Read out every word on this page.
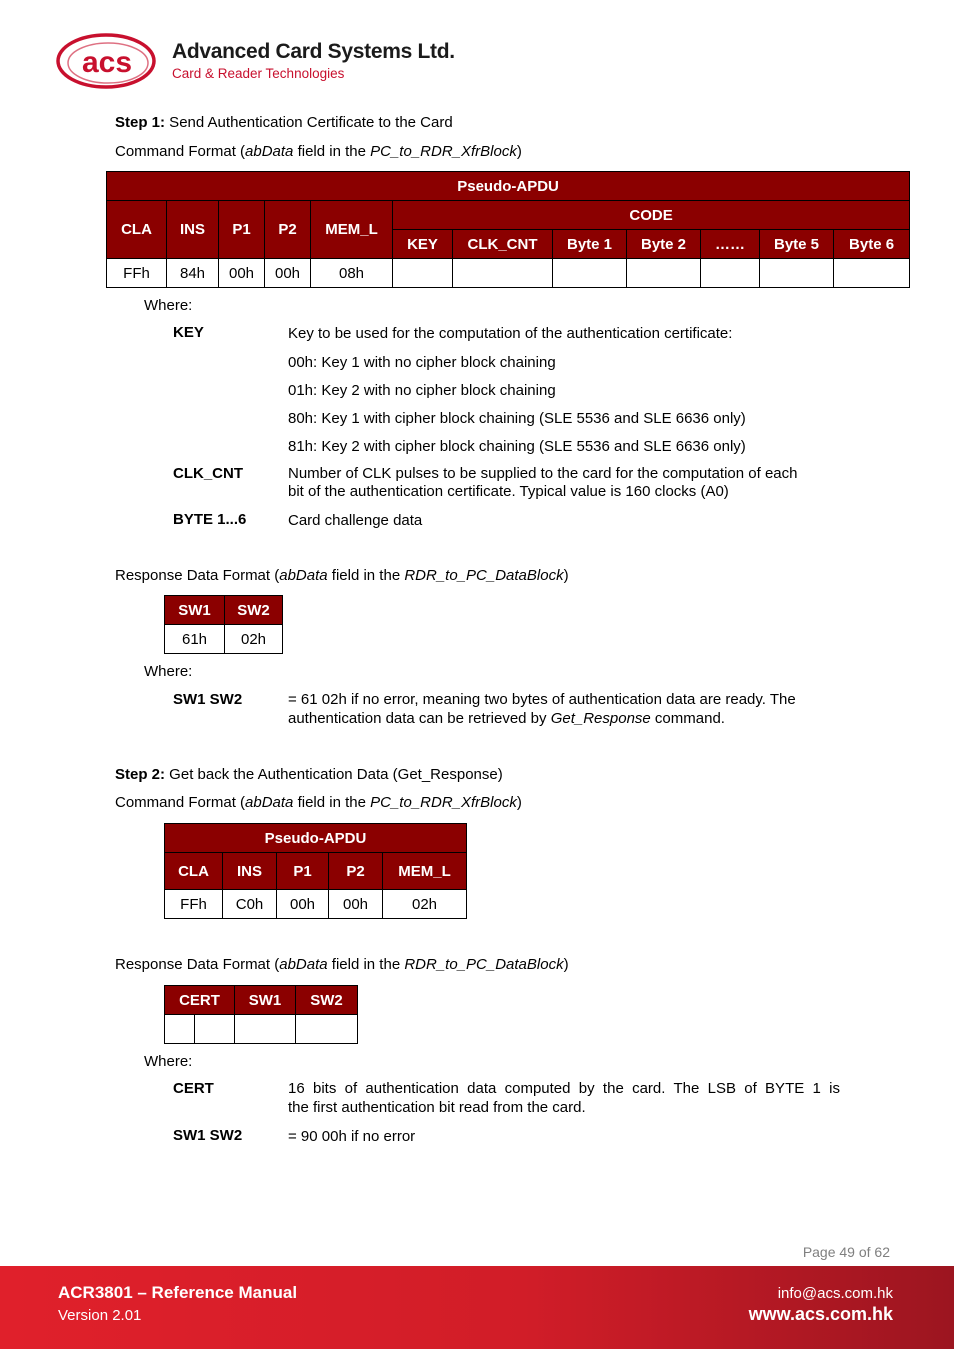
acs Advanced Card Systems Ltd.
Card & Reader Technologies
Step 1: Send Authentication Certificate to the Card
Command Format (abData field in the PC_to_RDR_XfrBlock)
Pseudo-APDU											
CLA	INS	P1	P2	MEM_L	CODE						
					KEY	CLK_CNT	Byte 1	Byte 2	……	Byte 5	Byte 6
FFh	84h	00h	00h	08h							
Where:
KEY	Key to be used for the computation of the authentication certificate:
00h: Key 1 with no cipher block chaining
01h: Key 2 with no cipher block chaining
80h: Key 1 with cipher block chaining (SLE 5536 and SLE 6636 only)
81h: Key 2 with cipher block chaining (SLE 5536 and SLE 6636 only)
CLK_CNT	Number of CLK pulses to be supplied to the card for the computation of each
bit of the authentication certificate. Typical value is 160 clocks (A0)
BYTE 1...6	Card challenge data
Response Data Format (abData field in the RDR_to_PC_DataBlock)
SW1	SW2
61h	02h
Where:
SW1 SW2	= 61 02h if no error, meaning two bytes of authentication data are ready. The
authentication data can be retrieved by Get_Response command.
Step 2: Get back the Authentication Data (Get_Response)
Command Format (abData field in the PC_to_RDR_XfrBlock)
Pseudo-APDU				
CLA	INS	P1	P2	MEM_L
FFh	C0h	00h	00h	02h
Response Data Format (abData field in the RDR_to_PC_DataBlock)
CERT		SW1	SW2

Where:
CERT	16 bits of authentication data computed by the card. The LSB of BYTE 1 is
the first authentication bit read from the card.
SW1 SW2	= 90 00h if no error
Page 49 of 62
ACR3801 – Reference Manual
Version 2.01
info@acs.com.hk
www.acs.com.hk
